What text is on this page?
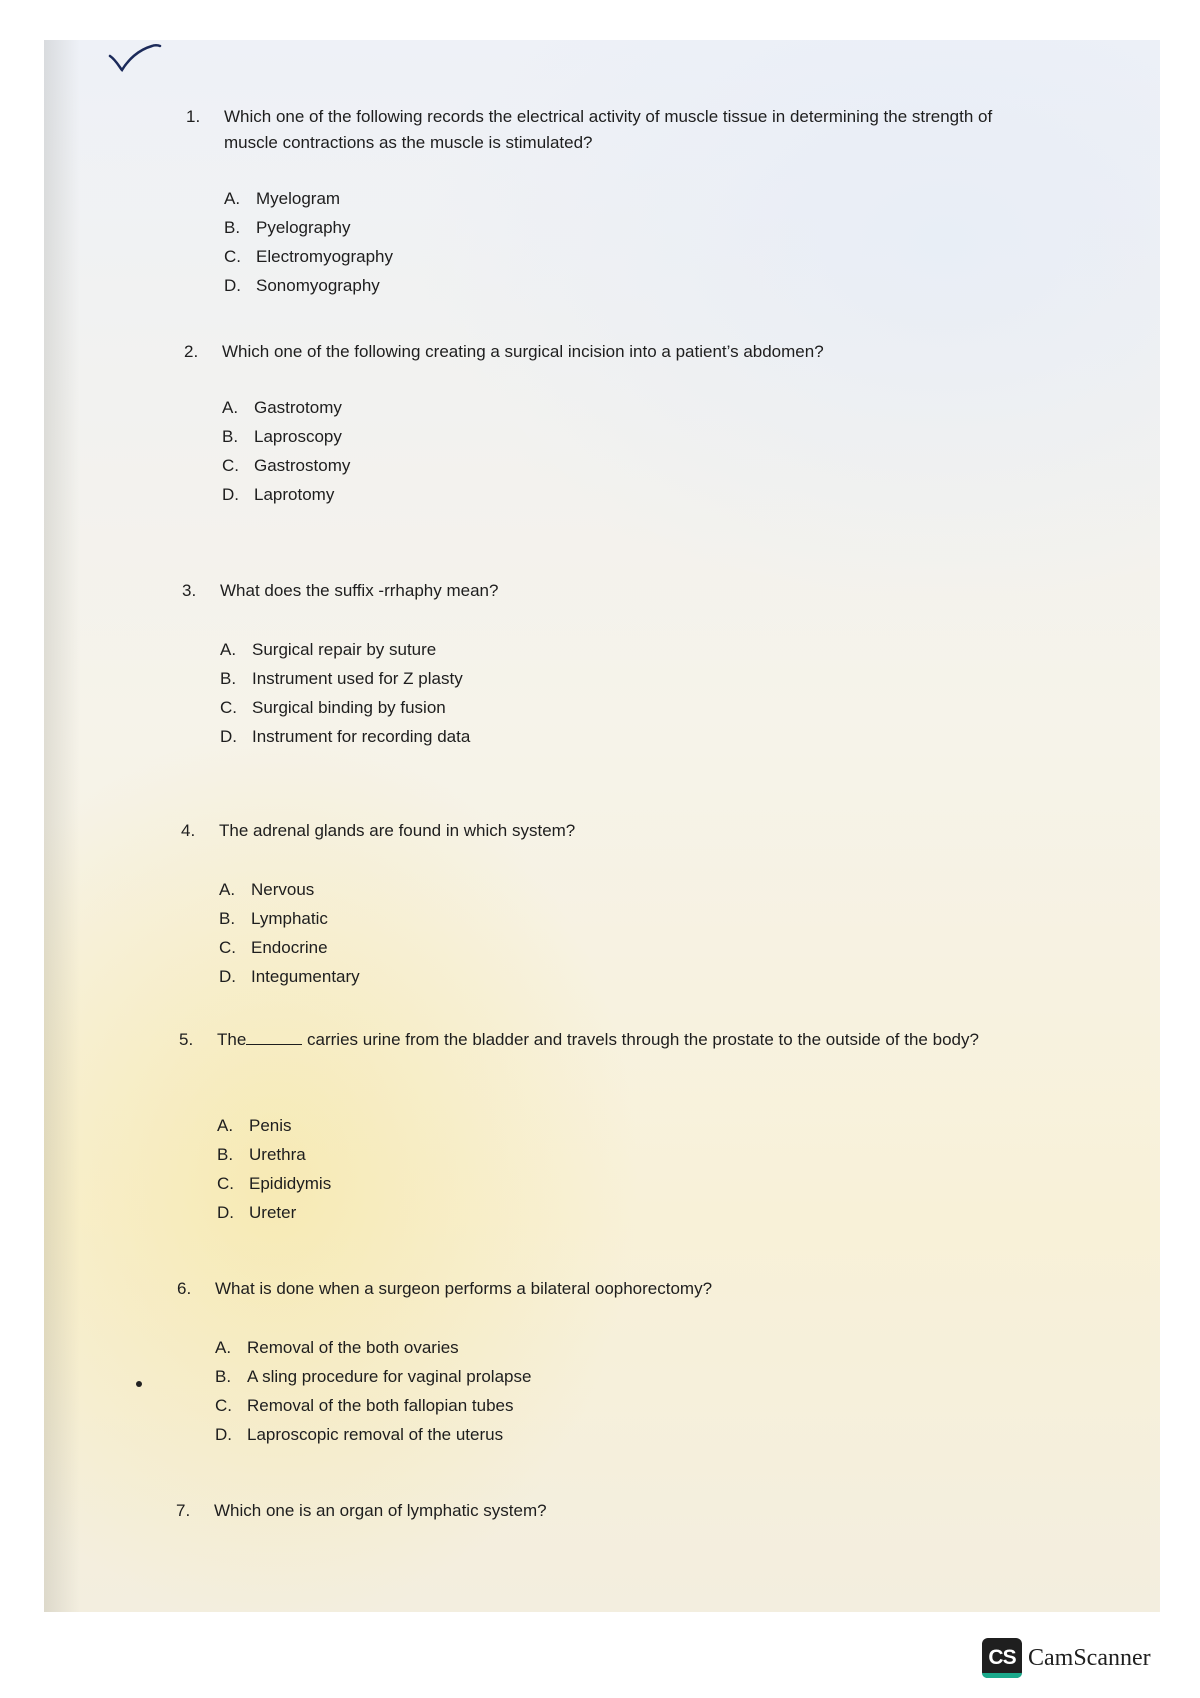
1.	Which one of the following records the electrical activity of muscle tissue in determining the strength of muscle contractions as the muscle is stimulated?
A. Myelogram
B. Pyelography
C. Electromyography
D. Sonomyography
2.	Which one of the following creating a surgical incision into a patient’s abdomen?
A. Gastrotomy
B. Laproscopy
C. Gastrostomy
D. Laprotomy
3.	What does the suffix -rrhaphy mean?
A. Surgical repair by suture
B. Instrument used for Z plasty
C. Surgical binding by fusion
D. Instrument for recording data
4.	The adrenal glands are found in which system?
A. Nervous
B. Lymphatic
C. Endocrine
D. Integumentary
5.	The	carries urine from the bladder and travels through the prostate to the outside of the body?
A. Penis
B. Urethra
C. Epididymis
D. Ureter
6.	What is done when a surgeon performs a bilateral oophorectomy?
A. Removal of the both ovaries
B. A sling procedure for vaginal prolapse
C. Removal of the both fallopian tubes
D. Laproscopic removal of the uterus
7.	Which one is an organ of lymphatic system?
CS CamScanner
